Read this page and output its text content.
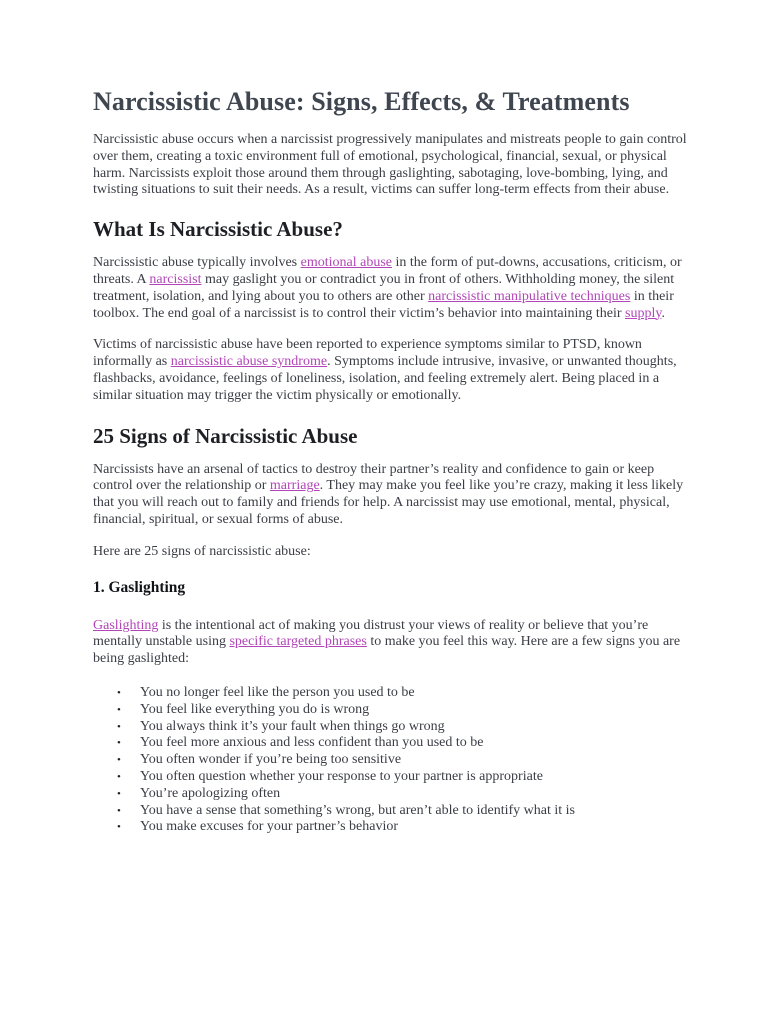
Narcissistic Abuse: Signs, Effects, & Treatments

Narcissistic abuse occurs when a narcissist progressively manipulates and mistreats people to gain control over them, creating a toxic environment full of emotional, psychological, financial, sexual, or physical harm. Narcissists exploit those around them through gaslighting, sabotaging, love-bombing, lying, and twisting situations to suit their needs. As a result, victims can suffer long-term effects from their abuse.

What Is Narcissistic Abuse?

Narcissistic abuse typically involves emotional abuse in the form of put-downs, accusations, criticism, or threats. A narcissist may gaslight you or contradict you in front of others. Withholding money, the silent treatment, isolation, and lying about you to others are other narcissistic manipulative techniques in their toolbox. The end goal of a narcissist is to control their victim’s behavior into maintaining their supply.

Victims of narcissistic abuse have been reported to experience symptoms similar to PTSD, known informally as narcissistic abuse syndrome. Symptoms include intrusive, invasive, or unwanted thoughts, flashbacks, avoidance, feelings of loneliness, isolation, and feeling extremely alert. Being placed in a similar situation may trigger the victim physically or emotionally.

25 Signs of Narcissistic Abuse

Narcissists have an arsenal of tactics to destroy their partner’s reality and confidence to gain or keep control over the relationship or marriage. They may make you feel like you’re crazy, making it less likely that you will reach out to family and friends for help. A narcissist may use emotional, mental, physical, financial, spiritual, or sexual forms of abuse.

Here are 25 signs of narcissistic abuse:

1. Gaslighting

Gaslighting is the intentional act of making you distrust your views of reality or believe that you’re mentally unstable using specific targeted phrases to make you feel this way. Here are a few signs you are being gaslighted:

• You no longer feel like the person you used to be
• You feel like everything you do is wrong
• You always think it’s your fault when things go wrong
• You feel more anxious and less confident than you used to be
• You often wonder if you’re being too sensitive
• You often question whether your response to your partner is appropriate
• You’re apologizing often
• You have a sense that something’s wrong, but aren’t able to identify what it is
• You make excuses for your partner’s behavior
